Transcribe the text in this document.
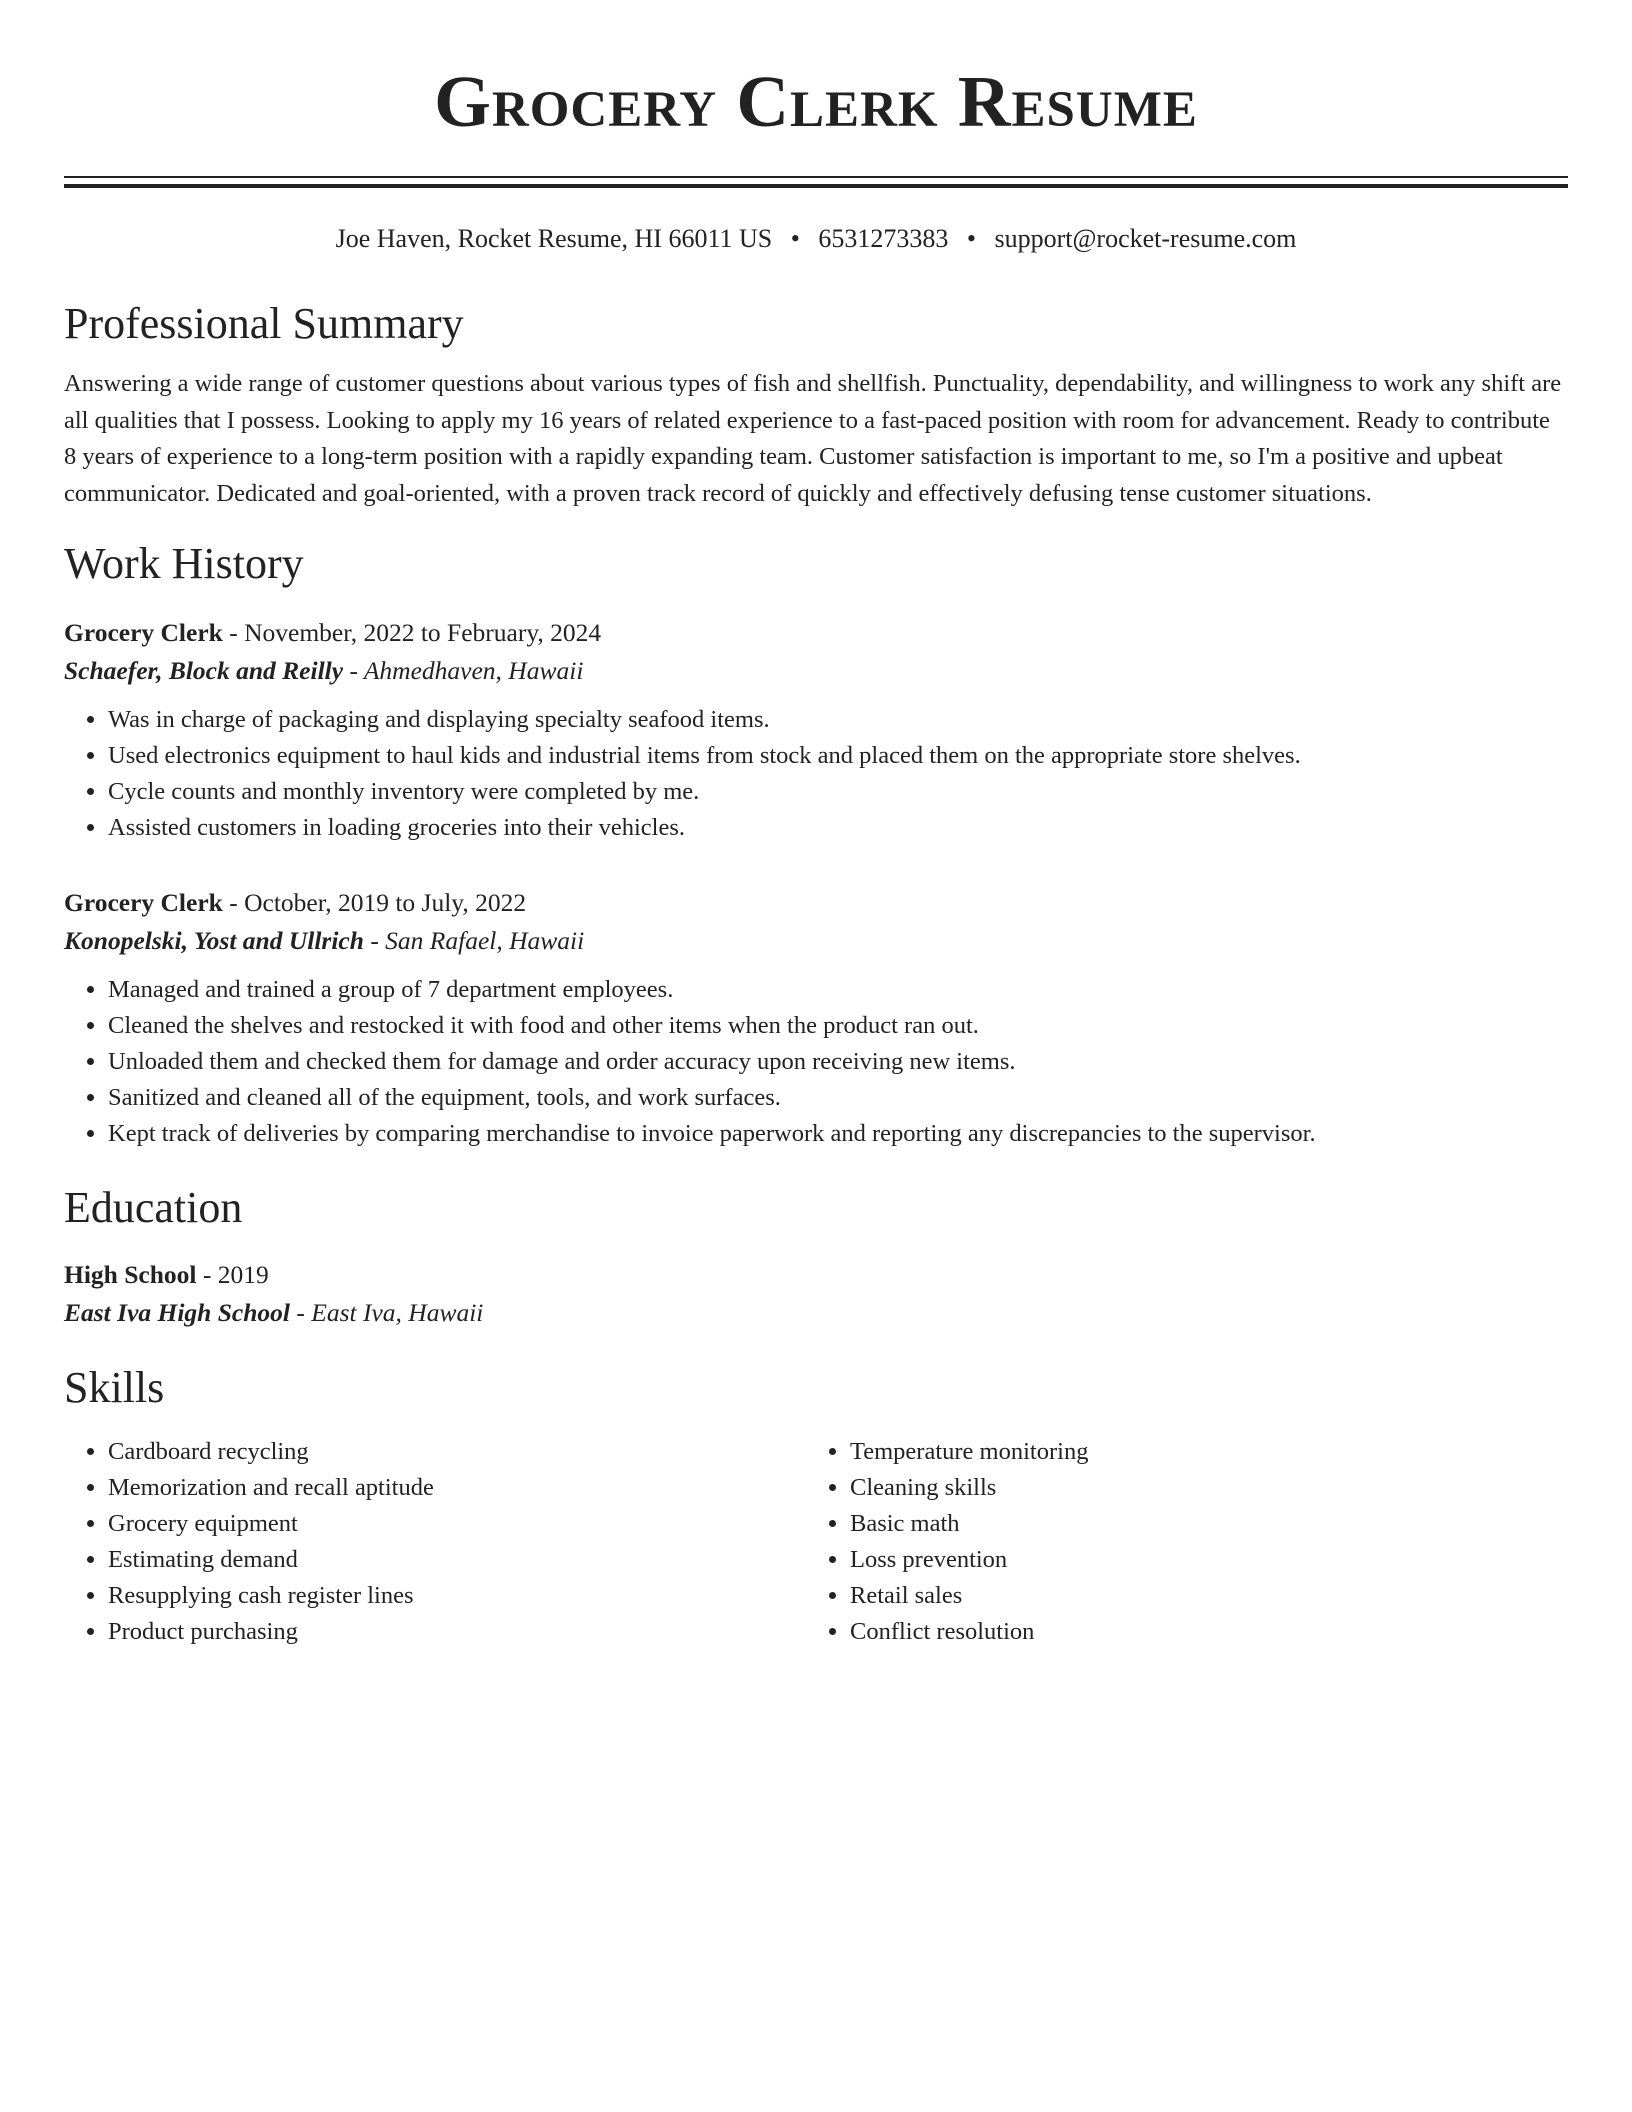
Grocery Clerk Resume
Joe Haven, Rocket Resume, HI 66011 US • 6531273383 • support@rocket-resume.com
Professional Summary
Answering a wide range of customer questions about various types of fish and shellfish. Punctuality, dependability, and willingness to work any shift are all qualities that I possess. Looking to apply my 16 years of related experience to a fast-paced position with room for advancement. Ready to contribute 8 years of experience to a long-term position with a rapidly expanding team. Customer satisfaction is important to me, so I'm a positive and upbeat communicator. Dedicated and goal-oriented, with a proven track record of quickly and effectively defusing tense customer situations.
Work History
Grocery Clerk - November, 2022 to February, 2024
Schaefer, Block and Reilly - Ahmedhaven, Hawaii
• Was in charge of packaging and displaying specialty seafood items.
• Used electronics equipment to haul kids and industrial items from stock and placed them on the appropriate store shelves.
• Cycle counts and monthly inventory were completed by me.
• Assisted customers in loading groceries into their vehicles.
Grocery Clerk - October, 2019 to July, 2022
Konopelski, Yost and Ullrich - San Rafael, Hawaii
• Managed and trained a group of 7 department employees.
• Cleaned the shelves and restocked it with food and other items when the product ran out.
• Unloaded them and checked them for damage and order accuracy upon receiving new items.
• Sanitized and cleaned all of the equipment, tools, and work surfaces.
• Kept track of deliveries by comparing merchandise to invoice paperwork and reporting any discrepancies to the supervisor.
Education
High School - 2019
East Iva High School - East Iva, Hawaii
Skills
• Cardboard recycling
• Memorization and recall aptitude
• Grocery equipment
• Estimating demand
• Resupplying cash register lines
• Product purchasing
• Temperature monitoring
• Cleaning skills
• Basic math
• Loss prevention
• Retail sales
• Conflict resolution
